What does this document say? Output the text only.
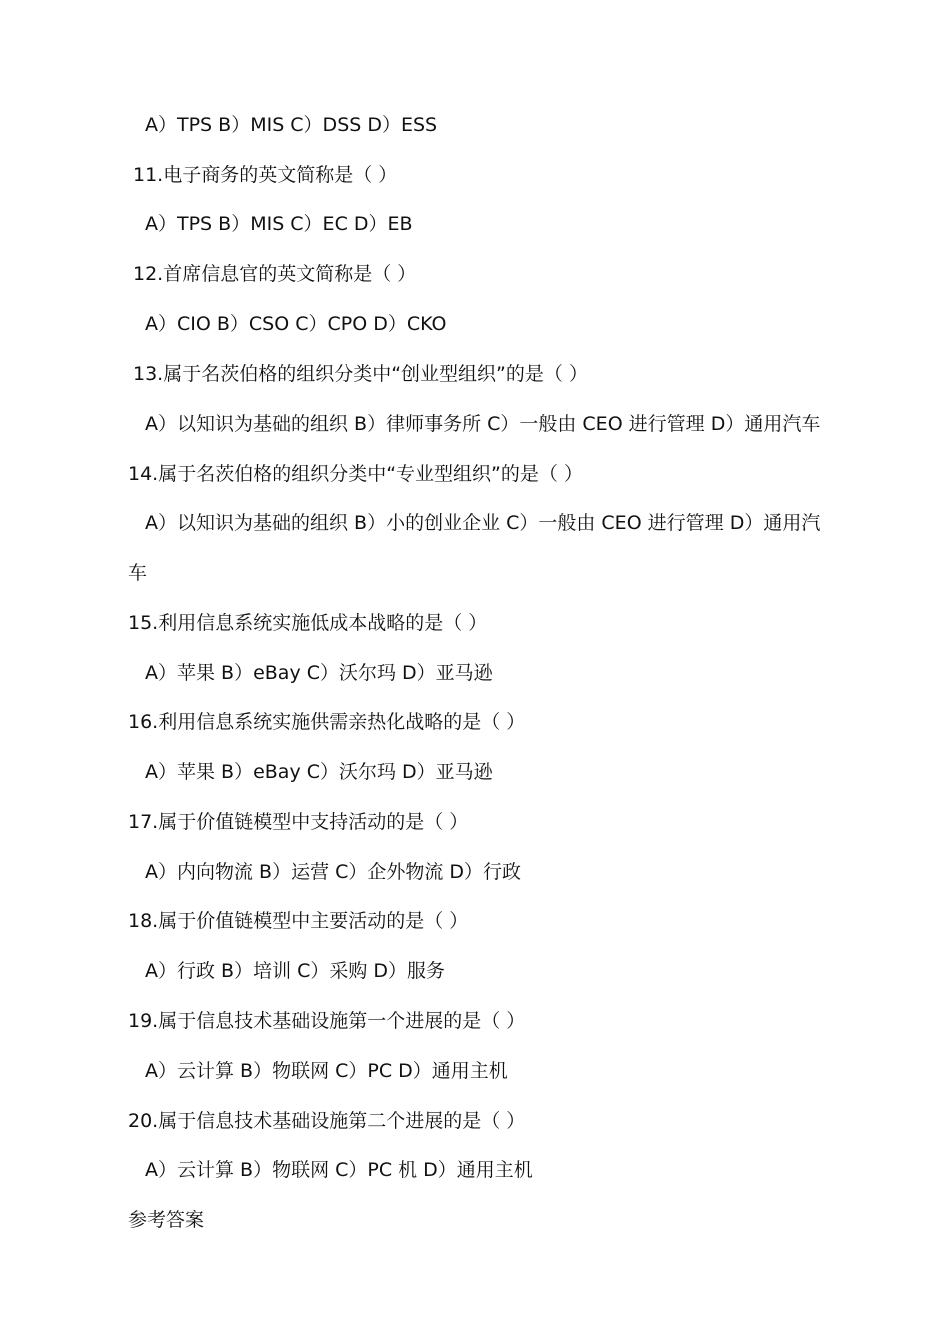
A）TPS B）MIS C）DSS D）ESS
11.电子商务的英文简称是（ ）
A）TPS B）MIS C）EC D）EB
12.首席信息官的英文简称是（ ）
A）CIO B）CSO C）CPO D）CKO
13.属于名茨伯格的组织分类中“创业型组织”的是（ ）
A）以知识为基础的组织 B）律师事务所 C）一般由 CEO 进行管理 D）通用汽车
14.属于名茨伯格的组织分类中“专业型组织”的是（ ）
A）以知识为基础的组织 B）小的创业企业 C）一般由 CEO 进行管理 D）通用汽
车
15.利用信息系统实施低成本战略的是（ ）
A）苹果 B）eBay C）沃尔玛 D）亚马逊
16.利用信息系统实施供需亲热化战略的是（ ）
A）苹果 B）eBay C）沃尔玛 D）亚马逊
17.属于价值链模型中支持活动的是（ ）
A）内向物流 B）运营 C）企外物流 D）行政
18.属于价值链模型中主要活动的是（ ）
A）行政 B）培训 C）采购 D）服务
19.属于信息技术基础设施第一个进展的是（ ）
A）云计算 B）物联网 C）PC D）通用主机
20.属于信息技术基础设施第二个进展的是（ ）
A）云计算 B）物联网 C）PC 机 D）通用主机
参考答案
